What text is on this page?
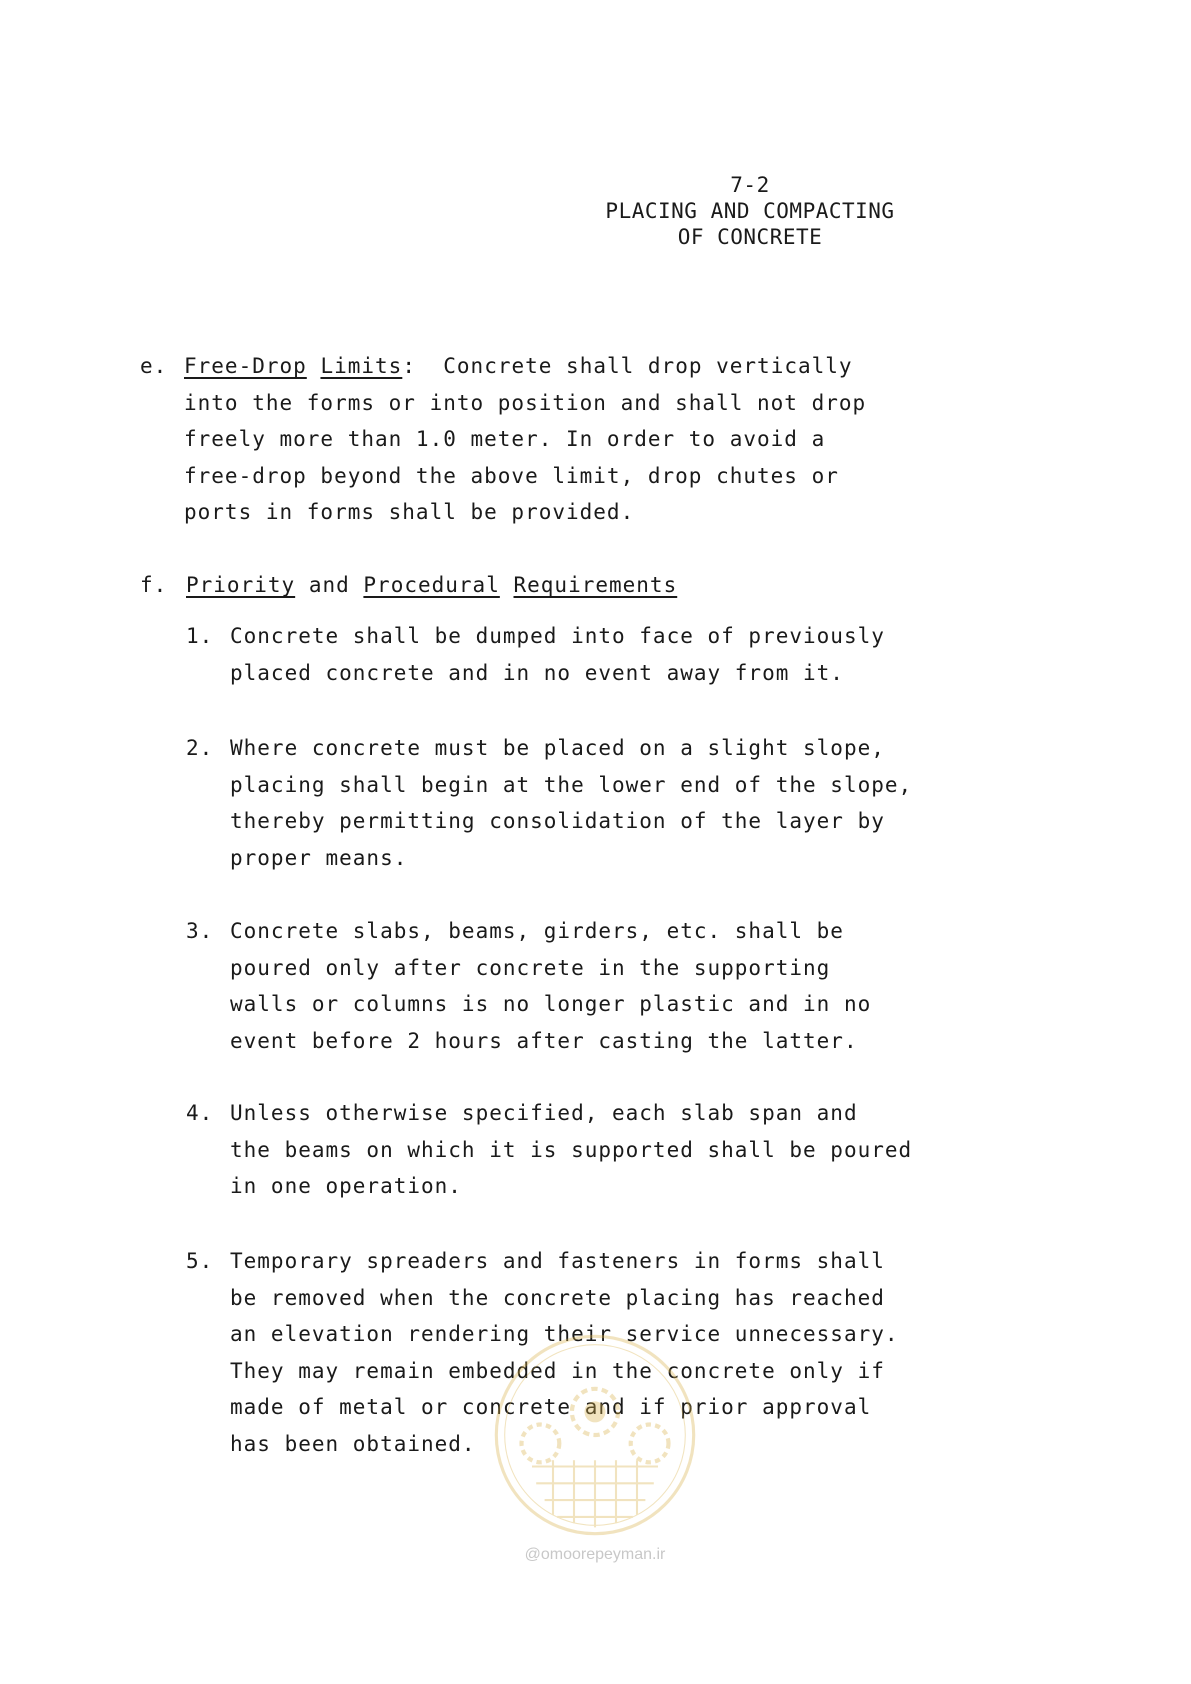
7-2
PLACING AND COMPACTING
OF CONCRETE
e. Free-Drop Limits: Concrete shall drop vertically
into the forms or into position and shall not drop
freely more than 1.0 meter. In order to avoid a
free-drop beyond the above limit, drop chutes or
ports in forms shall be provided.
f. Priority and Procedural Requirements
1. Concrete shall be dumped into face of previously
placed concrete and in no event away from it.
2. Where concrete must be placed on a slight slope,
placing shall begin at the lower end of the slope,
thereby permitting consolidation of the layer by
proper means.
3. Concrete slabs, beams, girders, etc. shall be
poured only after concrete in the supporting
walls or columns is no longer plastic and in no
event before 2 hours after casting the latter.
4. Unless otherwise specified, each slab span and
the beams on which it is supported shall be poured
in one operation.
5. Temporary spreaders and fasteners in forms shall
be removed when the concrete placing has reached
an elevation rendering their service unnecessary.
They may remain embedded in the concrete only if
made of metal or concrete and if prior approval
has been obtained.
@omoorepeyman.ir
